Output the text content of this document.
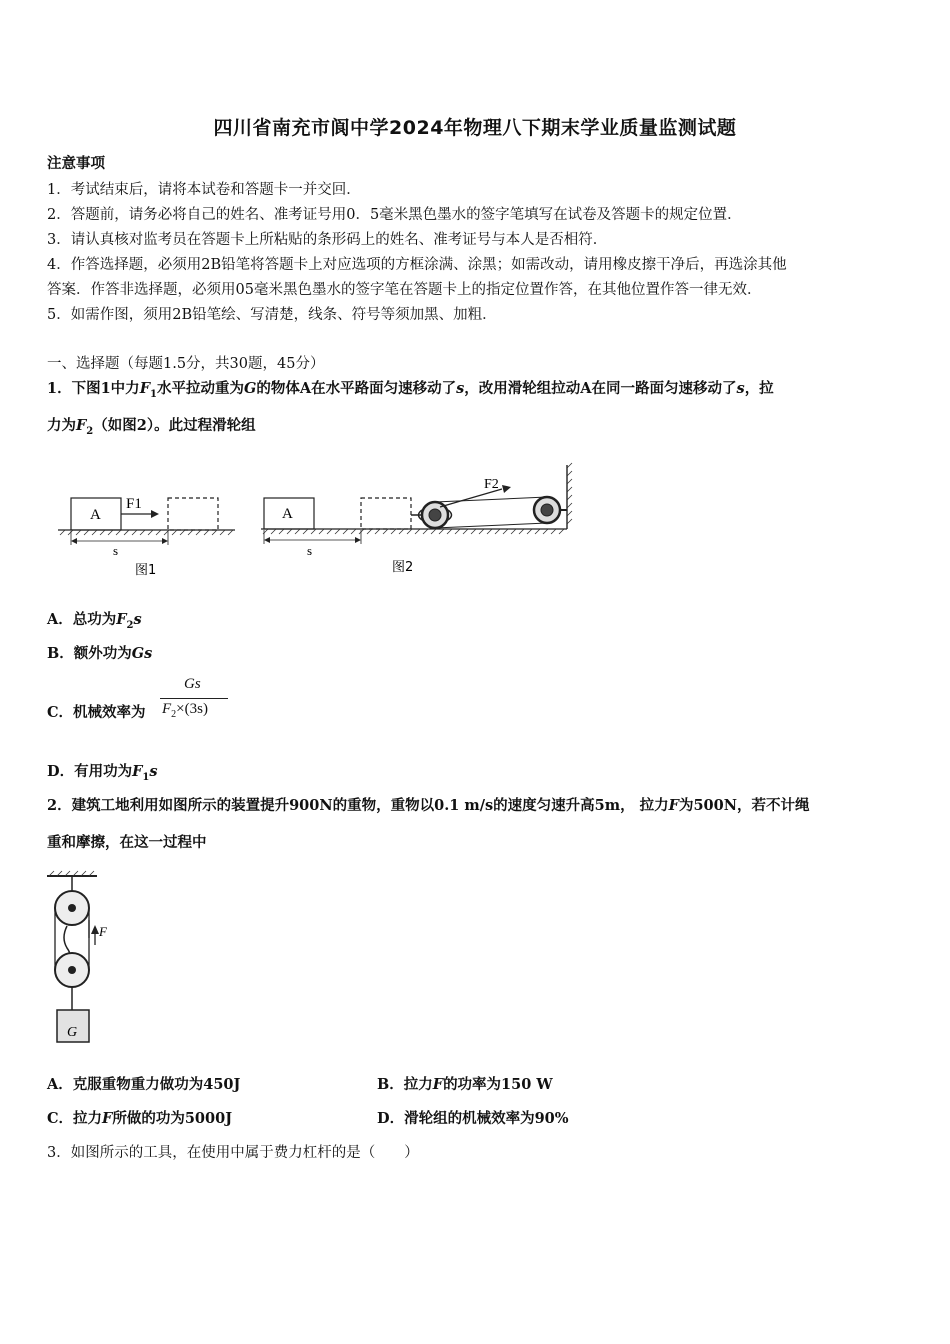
四川省南充市阆中学2024年物理八下期末学业质量监测试题
注意事项
1．考试结束后，请将本试卷和答题卡一并交回．
2．答题前，请务必将自己的姓名、准考证号用0．5毫米黑色墨水的签字笔填写在试卷及答题卡的规定位置．
3．请认真核对监考员在答题卡上所粘贴的条形码上的姓名、准考证号与本人是否相符．
4．作答选择题，必须用2B铅笔将答题卡上对应选项的方框涂满、涂黑；如需改动，请用橡皮擦干净后，再选涂其他
答案．作答非选择题，必须用05毫米黑色墨水的签字笔在答题卡上的指定位置作答，在其他位置作答一律无效．
5．如需作图，须用2B铅笔绘、写清楚，线条、符号等须加黑、加粗．
一、选择题（每题1.5分，共30题，45分）
1．下图1中力$F_1$水平拉动重为G的物体A在水平路面匀速移动了s，改用滑轮组拉动A在同一路面匀速移动了s，拉
力为$F_2$（如图2）。此过程滑轮组
A
F1
s
图1
A
F2
s
图2
A．总功为$F_2s$
B．额外功为Gs
C．机械效率为
Gs
$F_2\times(3s)$
D．有用功为$F_1s$
2．建筑工地利用如图所示的装置提升900N的重物，重物以0.1 m/s的速度匀速升高5m， 拉力F为500N，若不计绳
重和摩擦，在这一过程中
G
F
A．克服重物重力做功为450J	B．拉力F的功率为150 W
C．拉力F所做的功为5000J	D．滑轮组的机械效率为90%
3．如图所示的工具，在使用中属于费力杠杆的是（　　）
